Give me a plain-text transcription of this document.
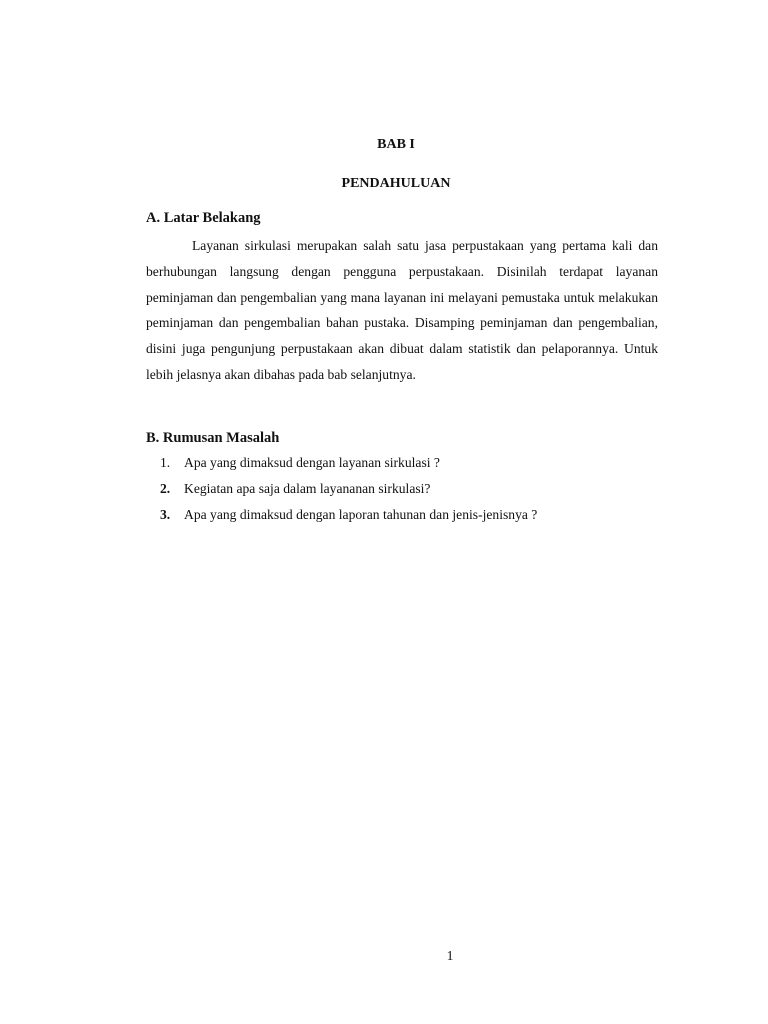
BAB I
PENDAHULUAN
A. Latar Belakang

Layanan sirkulasi merupakan salah satu jasa perpustakaan yang pertama kali dan berhubungan langsung dengan pengguna perpustakaan. Disinilah terdapat layanan peminjaman dan pengembalian yang mana layanan ini melayani pemustaka untuk melakukan peminjaman dan pengembalian bahan pustaka. Disamping peminjaman dan pengembalian, disini juga pengunjung perpustakaan akan dibuat dalam statistik dan pelaporannya. Untuk lebih jelasnya akan dibahas pada bab selanjutnya.

B. Rumusan Masalah
1. Apa yang dimaksud dengan layanan sirkulasi ?
2. Kegiatan apa saja dalam layananan sirkulasi?
3. Apa yang dimaksud dengan laporan tahunan dan jenis-jenisnya ?
1
